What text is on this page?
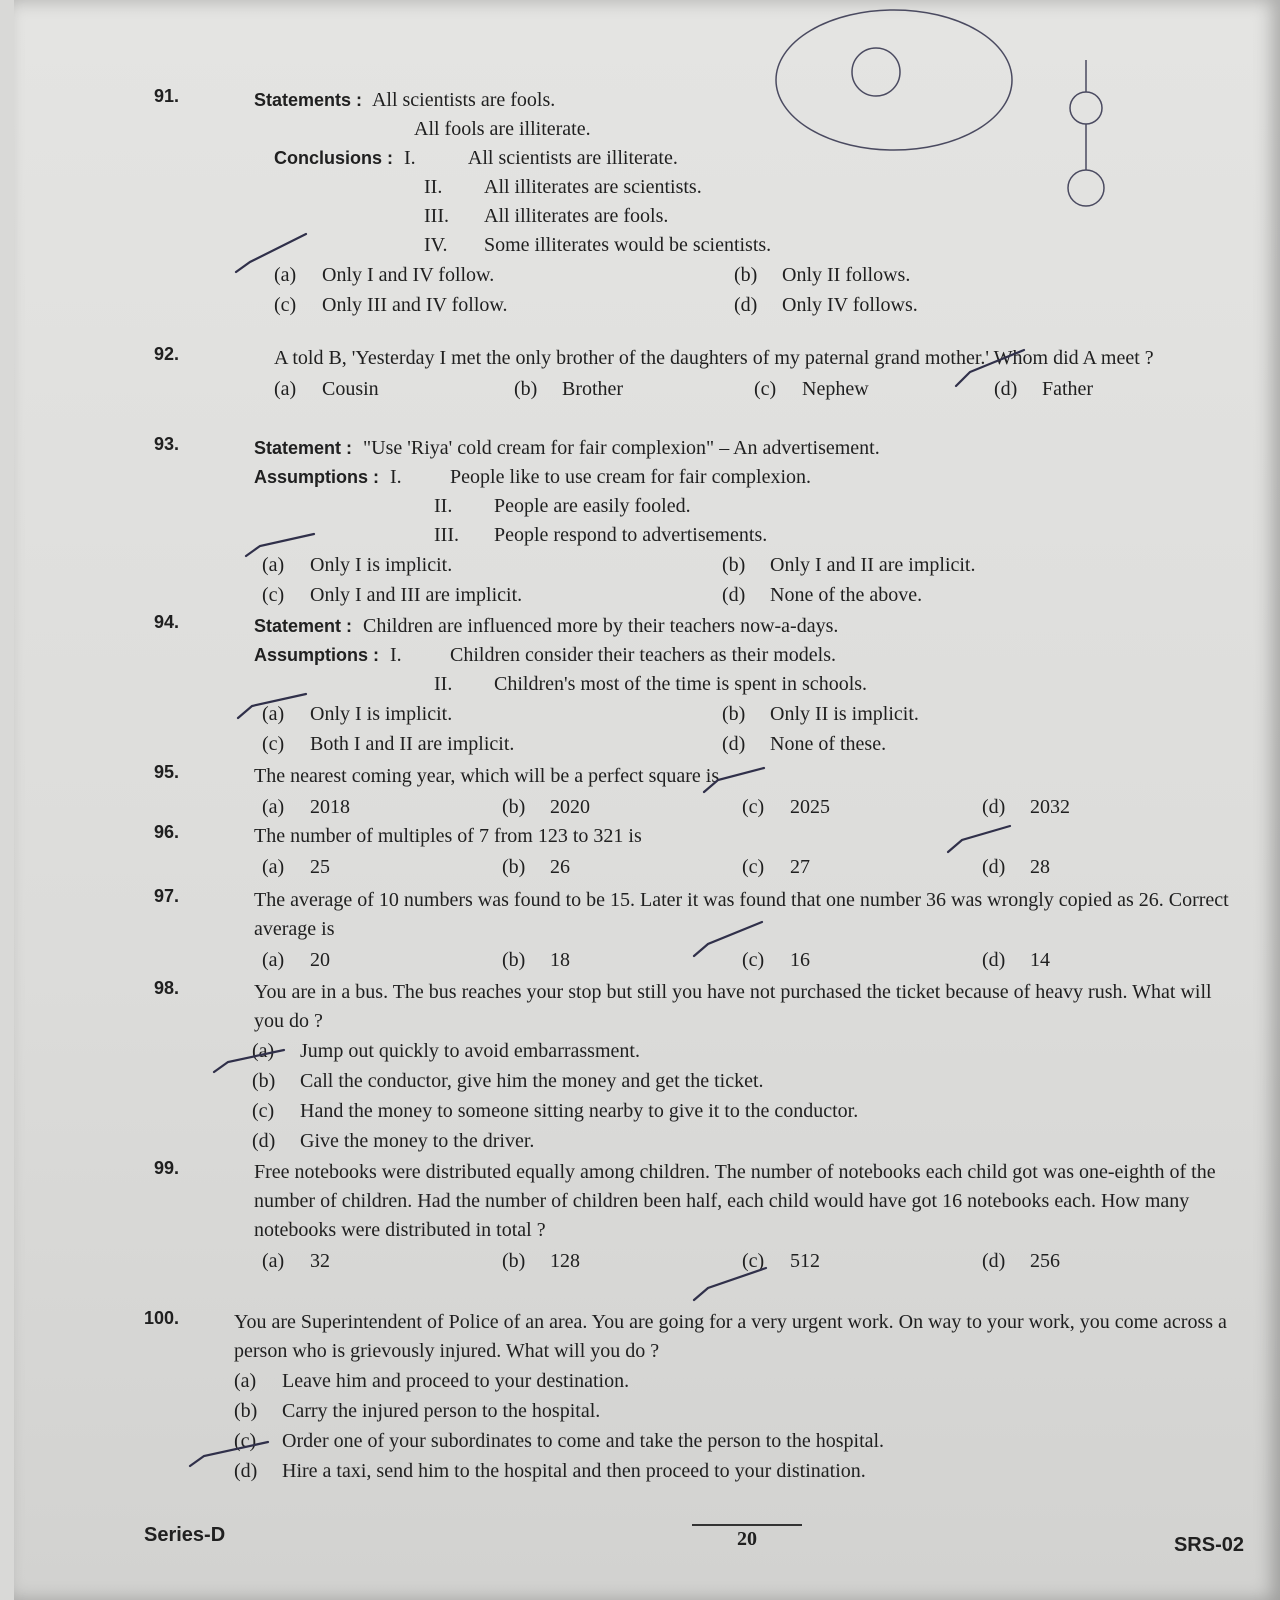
91.	Statements : All scientists are fools.
All fools are illiterate.
Conclusions : I.	All scientists are illiterate.
II. All illiterates are scientists.
III. All illiterates are fools.
IV. Some illiterates would be scientists.
(a) Only I and IV follow.	(b) Only II follows.
(c) Only III and IV follow.	(d) Only IV follows.
92.	A told B, 'Yesterday I met the only brother of the daughters of my paternal grand mother.' Whom did A meet ?
(a) Cousin	(b) Brother	(c) Nephew	(d) Father
93.	Statement : "Use 'Riya' cold cream for fair complexion" – An advertisement.
Assumptions : I. People like to use cream for fair complexion.
II. People are easily fooled.
III. People respond to advertisements.
(a) Only I is implicit.	(b) Only I and II are implicit.
(c) Only I and III are implicit.	(d) None of the above.
94.	Statement : Children are influenced more by their teachers now-a-days.
Assumptions : I. Children consider their teachers as their models.
II. Children's most of the time is spent in schools.
(a) Only I is implicit.	(b) Only II is implicit.
(c) Both I and II are implicit.	(d) None of these.
95.	The nearest coming year, which will be a perfect square is
(a) 2018	(b) 2020	(c) 2025	(d) 2032
96.	The number of multiples of 7 from 123 to 321 is
(a) 25	(b) 26	(c) 27	(d) 28
97.	The average of 10 numbers was found to be 15. Later it was found that one number 36 was wrongly copied as 26. Correct average is
(a) 20	(b) 18	(c) 16	(d) 14
98.	You are in a bus. The bus reaches your stop but still you have not purchased the ticket because of heavy rush. What will you do ?
(a) Jump out quickly to avoid embarrassment.
(b) Call the conductor, give him the money and get the ticket.
(c) Hand the money to someone sitting nearby to give it to the conductor.
(d) Give the money to the driver.
99.	Free notebooks were distributed equally among children. The number of notebooks each child got was one-eighth of the number of children. Had the number of children been half, each child would have got 16 notebooks each. How many notebooks were distributed in total ?
(a) 32	(b) 128	(c) 512	(d) 256
100.	You are Superintendent of Police of an area. You are going for a very urgent work. On way to your work, you come across a person who is grievously injured. What will you do ?
(a) Leave him and proceed to your destination.
(b) Carry the injured person to the hospital.
(c) Order one of your subordinates to come and take the person to the hospital.
(d) Hire a taxi, send him to the hospital and then proceed to your distination.
Series-D	20	SRS-02
